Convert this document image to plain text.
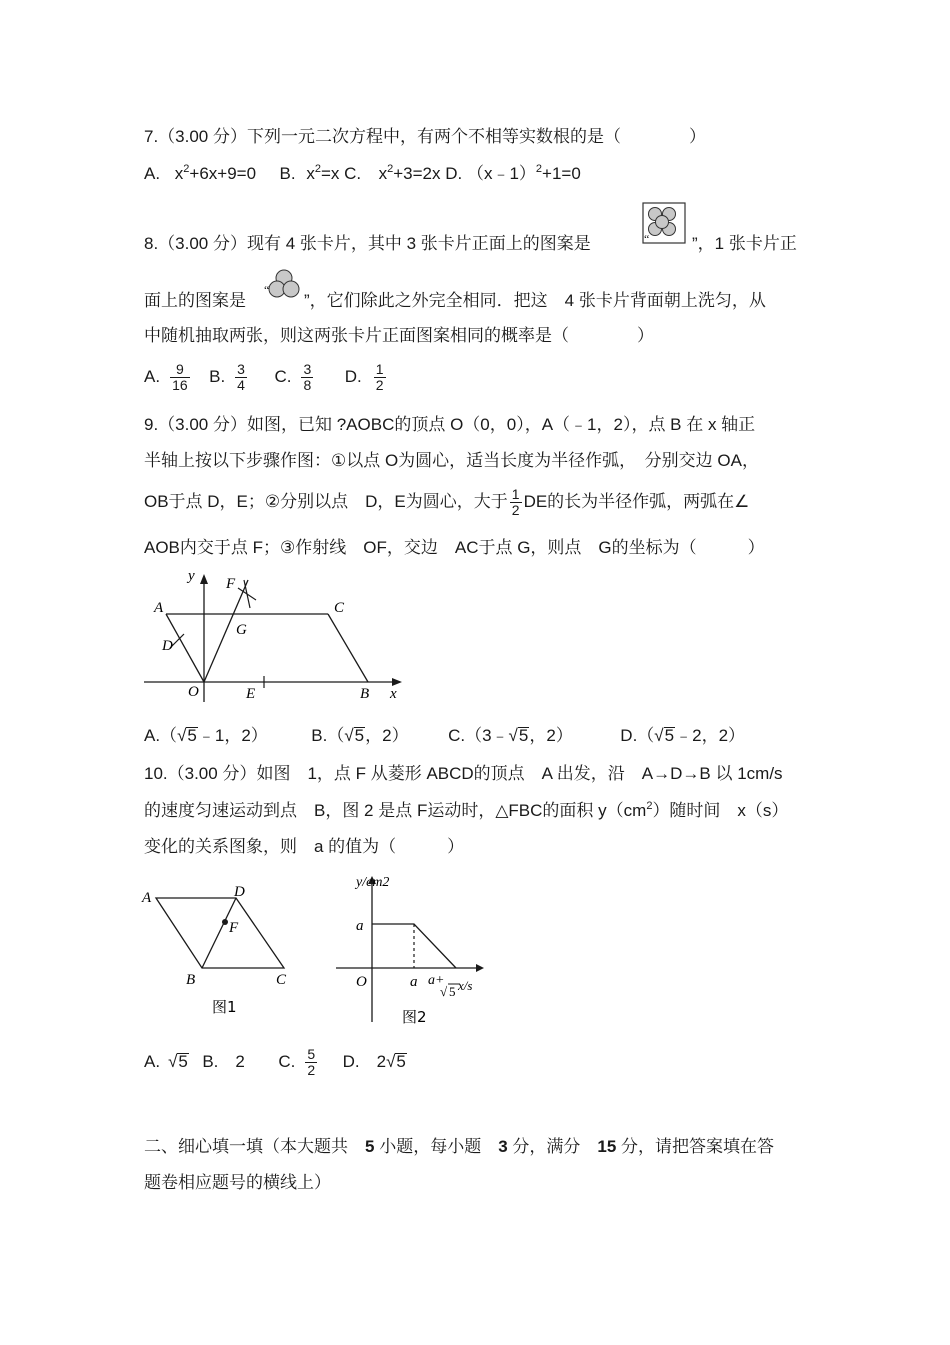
7.（3.00 分）下列一元二次方程中，有两个不相等实数根的是（　　　　）
A. $x^2+6x+9=0$ B. $x^2=x$ C. $x^2+3=2x$ D. （x﹣1）$^2$+1=0
8.（3.00 分）现有 4 张卡片，其中 3 张卡片正面上的图案是	“	”，1 张卡片正
面上的图案是
“
”，它们除此之外完全相同．把这　4 张卡片背面朝上洗匀，从
中随机抽取两张，则这两张卡片正面图案相同的概率是（　　　　）
A. $\frac{9}{16} B$. $\frac{3}{4} C$. $\frac{3}{8} D$. $\frac{1}{2}$
9.（3.00 分）如图，已知 ?AOBC的顶点 O（0，0），A（﹣1，2），点 B 在 x 轴正
半轴上按以下步骤作图：①以点 O为圆心，适当长度为半径作弧，　分别交边 OA，
OB于点 D，E；②分别以点　D，E为圆心，大于 $\frac{1}{2}$ DE的长为半径作弧，两弧在∠
AOB内交于点 F；③作射线　OF，交边　AC于点 G，则点　G的坐标为（　　　）
y
x
A	C
D
F
G
O	E	B
A.（√5﹣1，2）	B.（√5，2） C.（3﹣√5，2）	D.（√5﹣2，2）
10.（3.00 分）如图　1，点 F 从菱形 ABCD的顶点　A 出发，沿　A→D→B 以 1cm/s
的速度匀速运动到点　B，图 2 是点 F运动时，△FBC的面积 $y(cm^2)$随时间　x（s）
变化的关系图象，则　a 的值为（　　　）
A	D
F
B	C
图1
y/cm2
a
O	a a+
√ 5 x/s
图2
A. √5 B.　2 C. $\frac{5}{2} D$.　2√5
二、细心填一填（本大题共　5 小题，每小题　3 分，满分　15 分，请把答案填在答
题卷相应题号的横线上）
